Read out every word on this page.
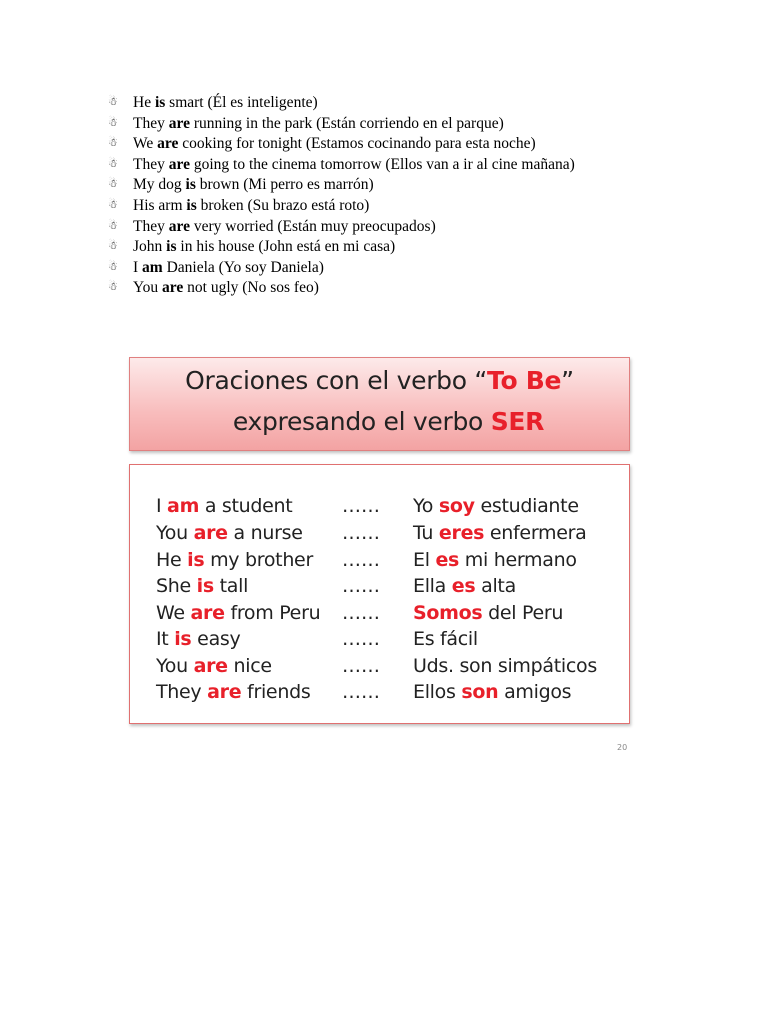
☃ He is smart (Él es inteligente)
☃ They are running in the park (Están corriendo en el parque)
☃ We are cooking for tonight (Estamos cocinando para esta noche)
☃ They are going to the cinema tomorrow (Ellos van a ir al cine mañana)
☃ My dog is brown (Mi perro es marrón)
☃ His arm is broken (Su brazo está roto)
☃ They are very worried (Están muy preocupados)
☃ John is in his house (John está en mi casa)
☃ I am Daniela (Yo soy Daniela)
☃ You are not ugly (No sos feo)
Oraciones con el verbo “To Be”
expresando el verbo SER
I am a student	…… Yo soy estudiante
You are a nurse …… Tu eres enfermera
He is my brother …… El es mi hermano
She is tall	…… Ella es alta
We are from Peru …… Somos del Peru
It is easy	…… Es fácil
You are nice	…… Uds. son simpáticos
They are friends …… Ellos son amigos
20
